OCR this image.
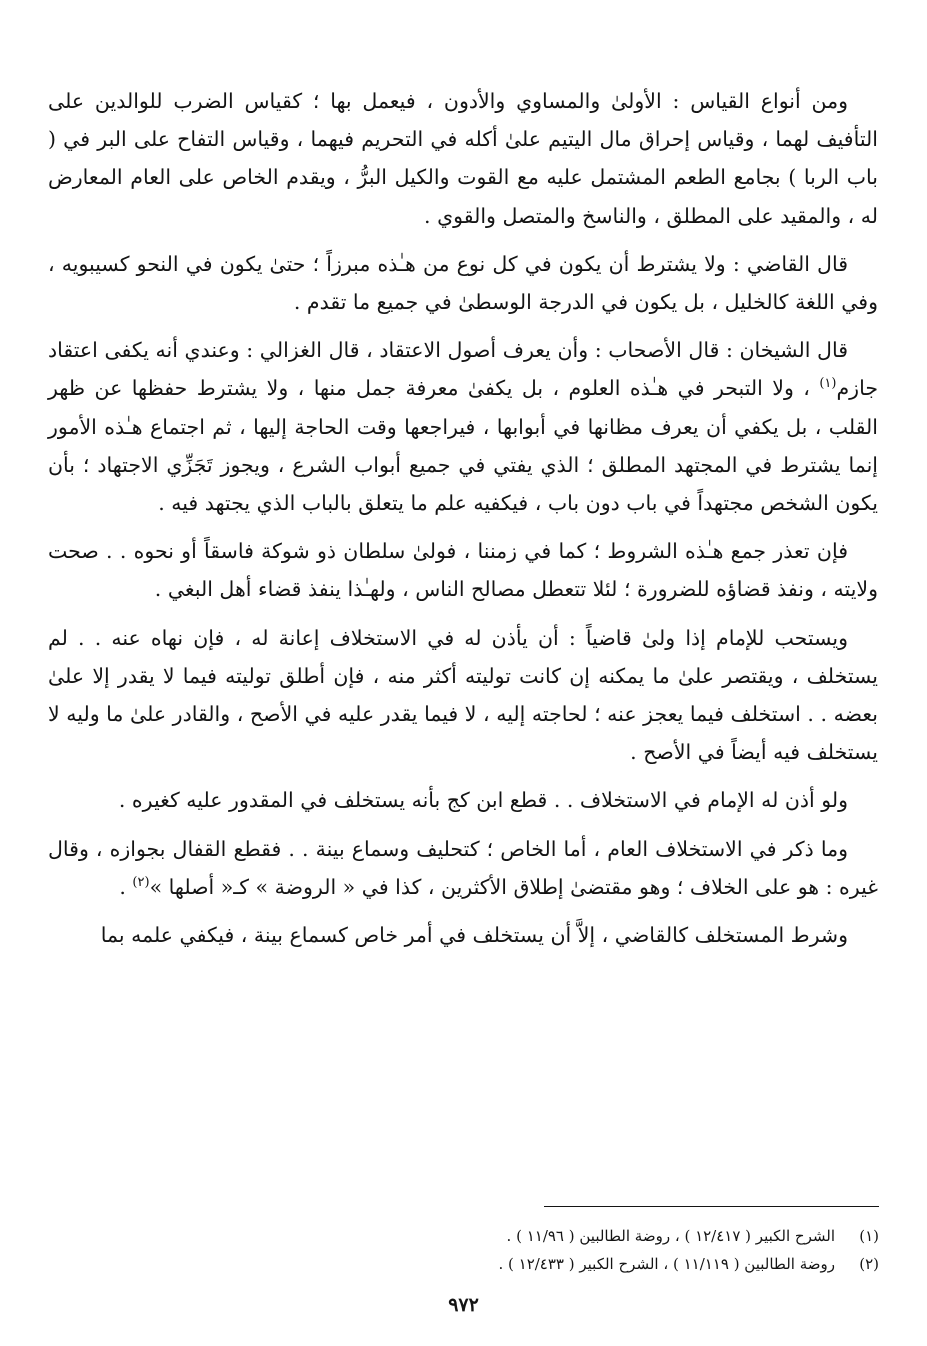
ومن أنواع القياس : الأولىٰ والمساوي والأدون ، فيعمل بها ؛ كقياس الضرب للوالدين على التأفيف لهما ، وقياس إحراق مال اليتيم علىٰ أكله في التحريم فيهما ، وقياس التفاح على البر في ( باب الربا ) بجامع الطعم المشتمل عليه مع القوت والكيل البرُّ ، ويقدم الخاص على العام المعارض له ، والمقيد على المطلق ، والناسخ والمتصل والقوي .

قال القاضي : ولا يشترط أن يكون في كل نوع من هـٰذه مبرزاً ؛ حتىٰ يكون في النحو كسيبويه ، وفي اللغة كالخليل ، بل يكون في الدرجة الوسطىٰ في جميع ما تقدم .

قال الشيخان : قال الأصحاب : وأن يعرف أصول الاعتقاد ، قال الغزالي : وعندي أنه يكفى اعتقاد جازم$^{(١)}$ ، ولا التبحر في هـٰذه العلوم ، بل يكفىٰ معرفة جمل منها ، ولا يشترط حفظها عن ظهر القلب ، بل يكفي أن يعرف مظانها في أبوابها ، فيراجعها وقت الحاجة إليها ، ثم اجتماع هـٰذه الأمور إنما يشترط في المجتهد المطلق ؛ الذي يفتي في جميع أبواب الشرع ، ويجوز تَجَزِّي الاجتهاد ؛ بأن يكون الشخص مجتهداً في باب دون باب ، فيكفيه علم ما يتعلق بالباب الذي يجتهد فيه .

فإن تعذر جمع هـٰذه الشروط ؛ كما في زمننا ، فولىٰ سلطان ذو شوكة فاسقاً أو نحوه . . صحت ولايته ، ونفذ قضاؤه للضرورة ؛ لئلا تتعطل مصالح الناس ، ولهـٰذا ينفذ قضاء أهل البغي .

ويستحب للإمام إذا ولىٰ قاضياً : أن يأذن له في الاستخلاف إعانة له ، فإن نهاه عنه . . لم يستخلف ، ويقتصر علىٰ ما يمكنه إن كانت توليته أكثر منه ، فإن أطلق توليته فيما لا يقدر إلا علىٰ بعضه . . استخلف فيما يعجز عنه ؛ لحاجته إليه ، لا فيما يقدر عليه في الأصح ، والقادر علىٰ ما وليه لا يستخلف فيه أيضاً في الأصح .

ولو أذن له الإمام في الاستخلاف . . قطع ابن كج بأنه يستخلف في المقدور عليه كغيره .

وما ذكر في الاستخلاف العام ، أما الخاص ؛ كتحليف وسماع بينة . . فقطع القفال بجوازه ، وقال غيره : هو على الخلاف ؛ وهو مقتضىٰ إطلاق الأكثرين ، كذا في « الروضة » كـ« أصلها »$^{(٢)}$ .

وشرط المستخلف كالقاضي ، إلاَّ أن يستخلف في أمر خاص كسماع بينة ، فيكفي علمه بما

(١)
الشرح الكبير ( ١٢/٤١٧ ) ، روضة الطالبين ( ١١/٩٦ ) .
(٢)
روضة الطالبين ( ١١/١١٩ ) ، الشرح الكبير ( ١٢/٤٣٣ ) .
٩٧٢
